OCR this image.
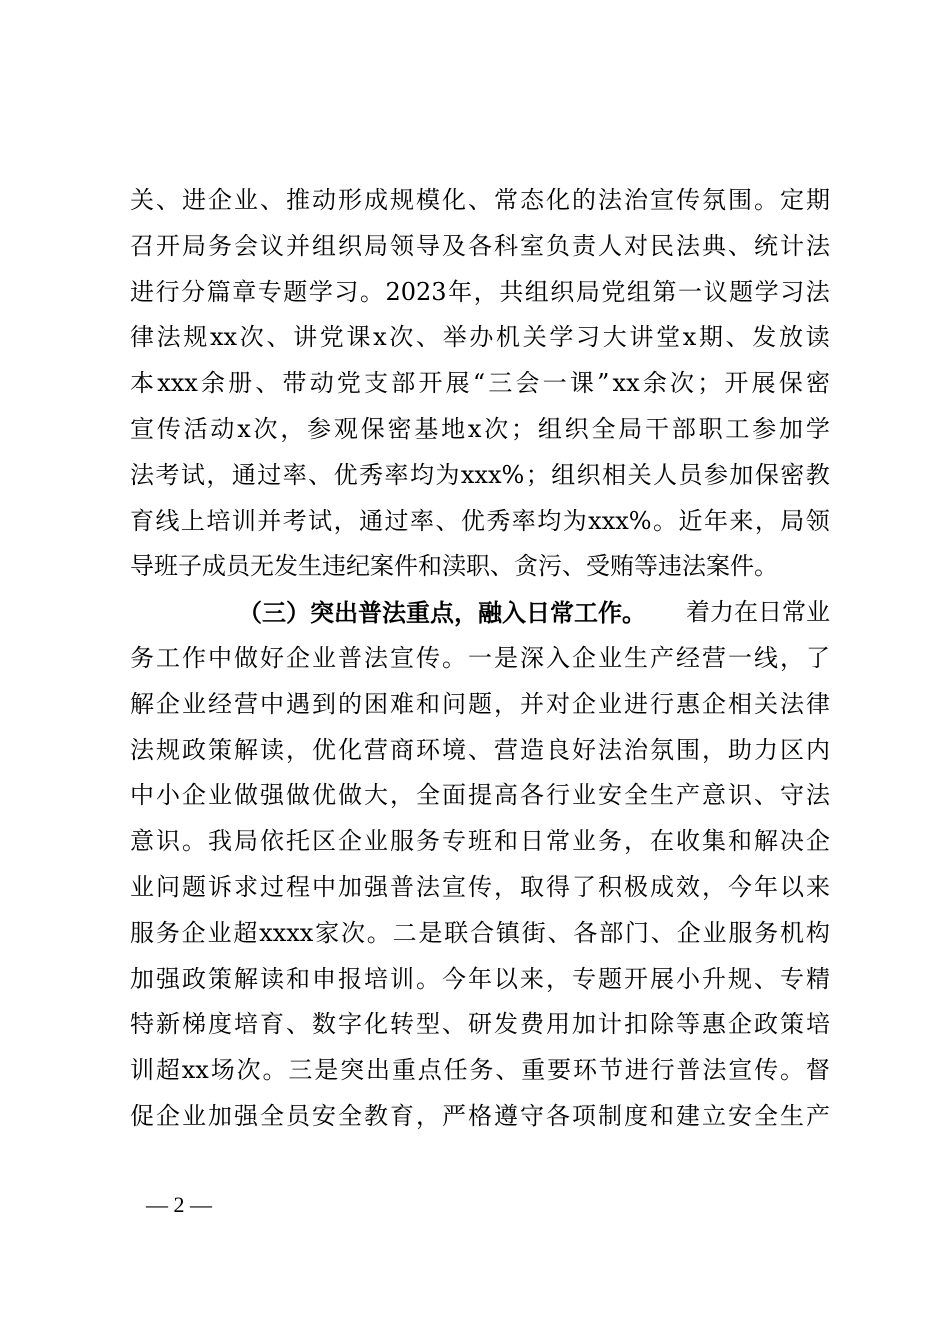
关 、 进 企 业 、 推 动 形 成 规 模 化 、 常 态 化 的 法 治 宣 传 氛 围 。 定 期
召 开 局 务 会 议 并 组 织 局 领 导 及 各 科 室 负 责 人 对 民 法 典 、 统 计 法
进 行 分 篇 章 专 题 学 习 。 2023 年 ， 共 组 织 局 党 组 第 一 议 题 学 习 法
律 法 规 xx 次 、 讲 党 课 x 次 、 举 办 机 关 学 习 大 讲 堂 x 期 、 发 放 读
本 xxx 余 册 、 带 动 党 支 部 开 展 “ 三 会 一 课 ” xx 余 次 ； 开 展 保 密
宣 传 活 动 x 次 ， 参 观 保 密 基 地 x 次 ； 组 织 全 局 干 部 职 工 参 加 学
法 考 试 ， 通 过 率 、 优 秀 率 均 为 xxx% ； 组 织 相 关 人 员 参 加 保 密 教
育 线 上 培 训 并 考 试 ， 通 过 率 、 优 秀 率 均 为 xxx% 。 近 年 来 ， 局 领
导班子成员无发生违纪案件和渎职、贪污、受贿等违法案件。
（三）突出普法重点，融入日常工作。 着力在日常业
务 工 作 中 做 好 企 业 普 法 宣 传 。 一 是 深 入 企 业 生 产 经 营 一 线 ， 了
解 企 业 经 营 中 遇 到 的 困 难 和 问 题 ， 并 对 企 业 进 行 惠 企 相 关 法 律
法 规 政 策 解 读 ， 优 化 营 商 环 境 、 营 造 良 好 法 治 氛 围 ， 助 力 区 内
中 小 企 业 做 强 做 优 做 大 ， 全 面 提 高 各 行 业 安 全 生 产 意 识 、 守 法
意 识 。 我 局 依 托 区 企 业 服 务 专 班 和 日 常 业 务 ， 在 收 集 和 解 决 企
业 问 题 诉 求 过 程 中 加 强 普 法 宣 传 ， 取 得 了 积 极 成 效 ， 今 年 以 来
服 务 企 业 超 xxxx 家 次 。 二 是 联 合 镇 街 、 各 部 门 、 企 业 服 务 机 构
加 强 政 策 解 读 和 申 报 培 训 。 今 年 以 来 ， 专 题 开 展 小 升 规 、 专 精
特 新 梯 度 培 育 、 数 字 化 转 型 、 研 发 费 用 加 计 扣 除 等 惠 企 政 策 培
训 超 xx 场 次 。 三 是 突 出 重 点 任 务 、 重 要 环 节 进 行 普 法 宣 传 。 督
促 企 业 加 强 全 员 安 全 教 育 ， 严 格 遵 守 各 项 制 度 和 建 立 安 全 生 产
— 2 —
